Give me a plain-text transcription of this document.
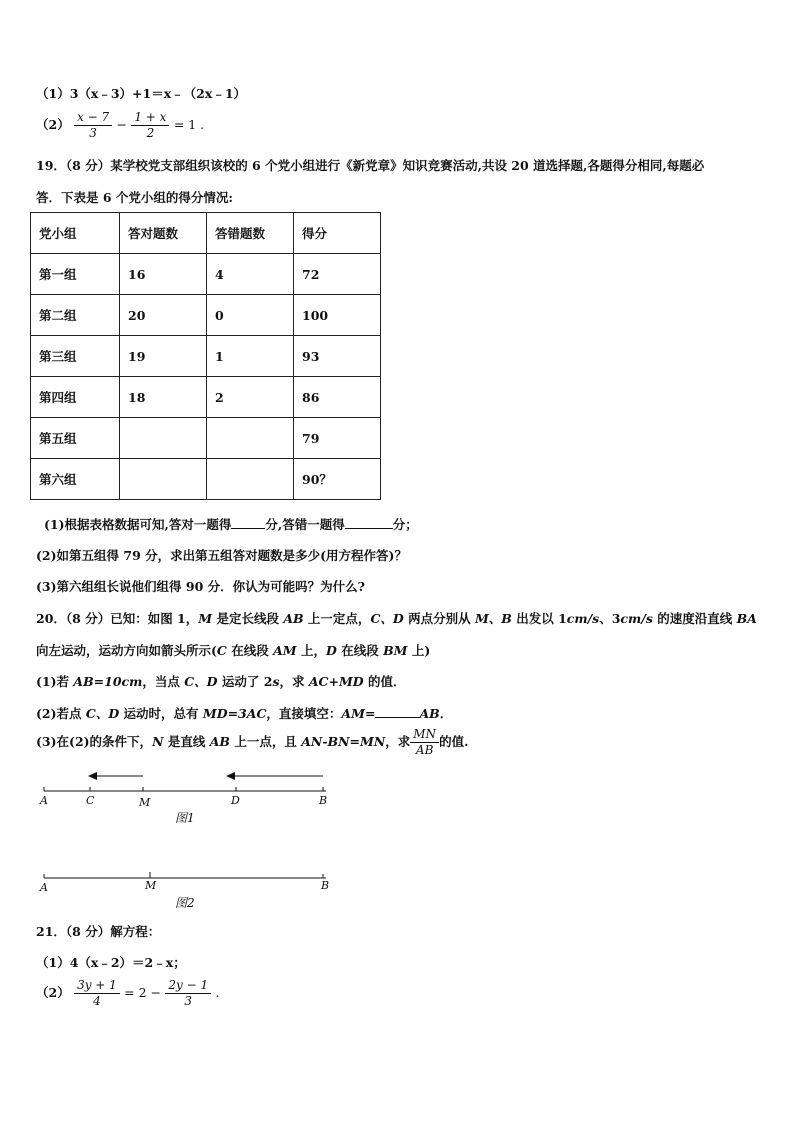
（1）3（x﹣3）+1＝x﹣（2x﹣1）
$(2) \frac{x - 7}{3} - \frac{1 + x}{2} = 1$ .
19．（8 分）某学校党支部组织该校的 6 个党小组进行《新党章》知识竞赛活动,共设 20 道选择题,各题得分相同,每题必
答．下表是 6 个党小组的得分情况:
党小组	答对题数	答错题数	得分
第一组	16	4	72
第二组	20	0	100
第三组	19	1	93
第四组	18	2	86
第五组			79
第六组			90？
(1)根据表格数据可知,答对一题得	分,答错一题得	分；
(2)如第五组得 79 分，求出第五组答对题数是多少(用方程作答)？
(3)第六组组长说他们组得 90 分．你认为可能吗？为什么?
20．（8 分）已知：如图 1，M 是定长线段 AB 上一定点，C、D 两点分别从 M、B 出发以 1cm/s、3cm/s 的速度沿直线 BA
向左运动，运动方向如箭头所示(C 在线段 AM 上，D 在线段 BM 上)
(1)若 AB=10cm，当点 C、D 运动了 2s，求 AC+MD 的值．
(2)若点 C、D 运动时，总有 MD=3AC，直接填空：AM=	AB．
(3)在(2)的条件下，N 是直线 AB 上一点，且 AN-BN=MN，求 $\frac{MN}{AB}$ 的值.
A	C	M	D	B
图1
A	M	B
图2
21．（8 分）解方程：
（1）4（x﹣2）＝2﹣x；
$(2) \frac{3y + 1}{4} = 2 - \frac{2y - 1}{3}$ .
